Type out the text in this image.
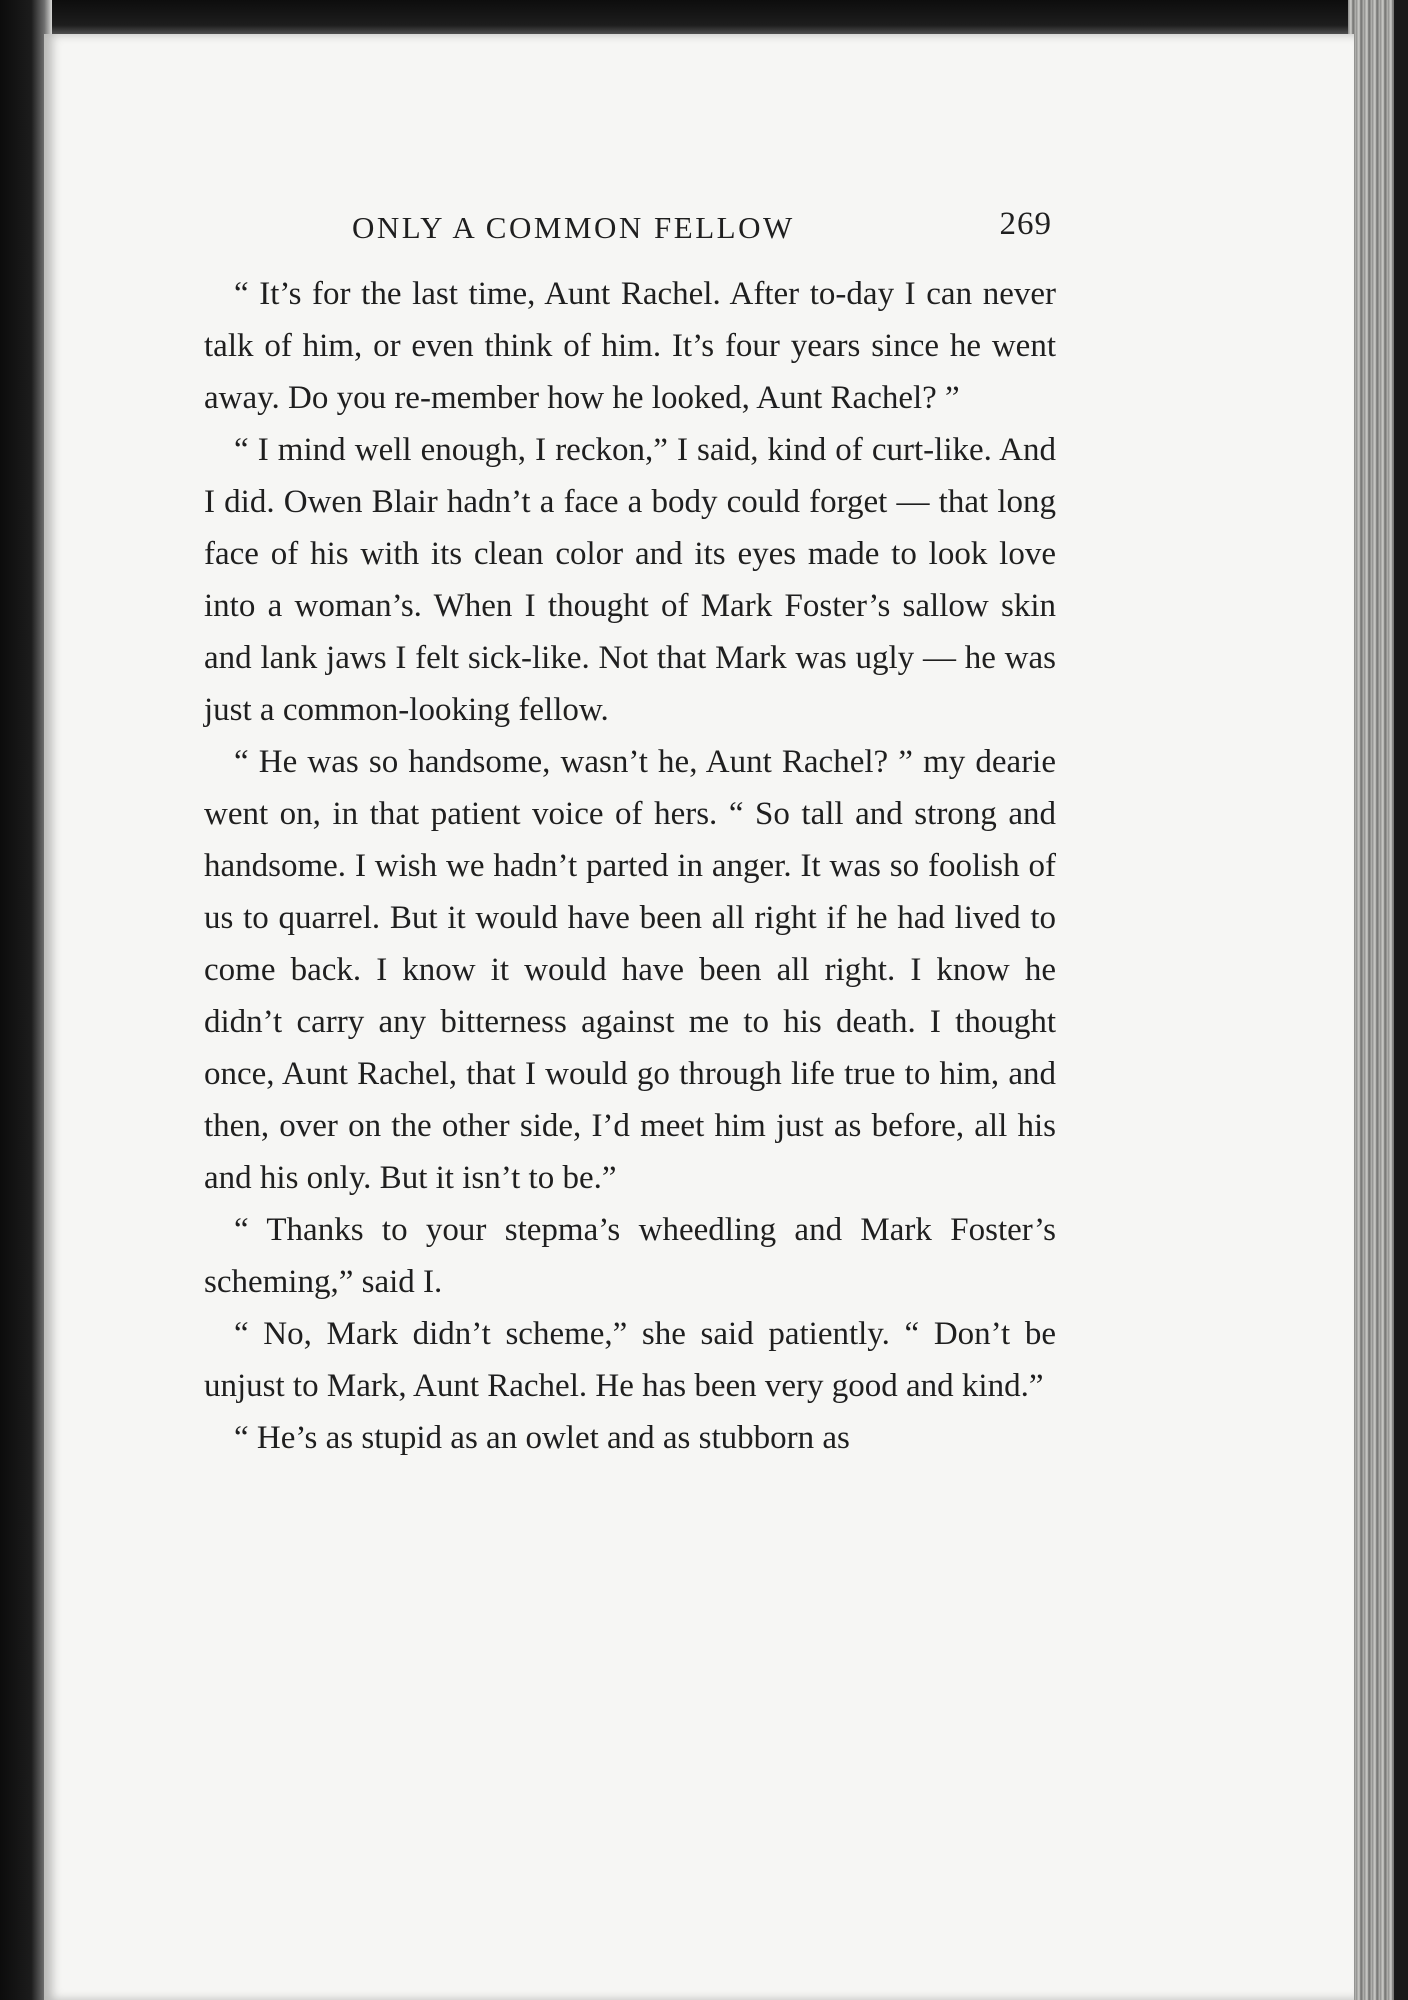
ONLY A COMMON FELLOW	269

“ It’s for the last time, Aunt Rachel. After to-day I can never talk of him, or even think of him. It’s four years since he went away. Do you re-member how he looked, Aunt Rachel? ”

“ I mind well enough, I reckon,” I said, kind of curt-like. And I did. Owen Blair hadn’t a face a body could forget — that long face of his with its clean color and its eyes made to look love into a woman’s. When I thought of Mark Foster’s sallow skin and lank jaws I felt sick-like. Not that Mark was ugly — he was just a common-looking fellow.

“ He was so handsome, wasn’t he, Aunt Rachel? ” my dearie went on, in that patient voice of hers. “ So tall and strong and handsome. I wish we hadn’t parted in anger. It was so foolish of us to quarrel. But it would have been all right if he had lived to come back. I know it would have been all right. I know he didn’t carry any bitterness against me to his death. I thought once, Aunt Rachel, that I would go through life true to him, and then, over on the other side, I’d meet him just as before, all his and his only. But it isn’t to be.”

“ Thanks to your stepma’s wheedling and Mark Foster’s scheming,” said I.

“ No, Mark didn’t scheme,” she said patiently. “ Don’t be unjust to Mark, Aunt Rachel. He has been very good and kind.”

“ He’s as stupid as an owlet and as stubborn as
